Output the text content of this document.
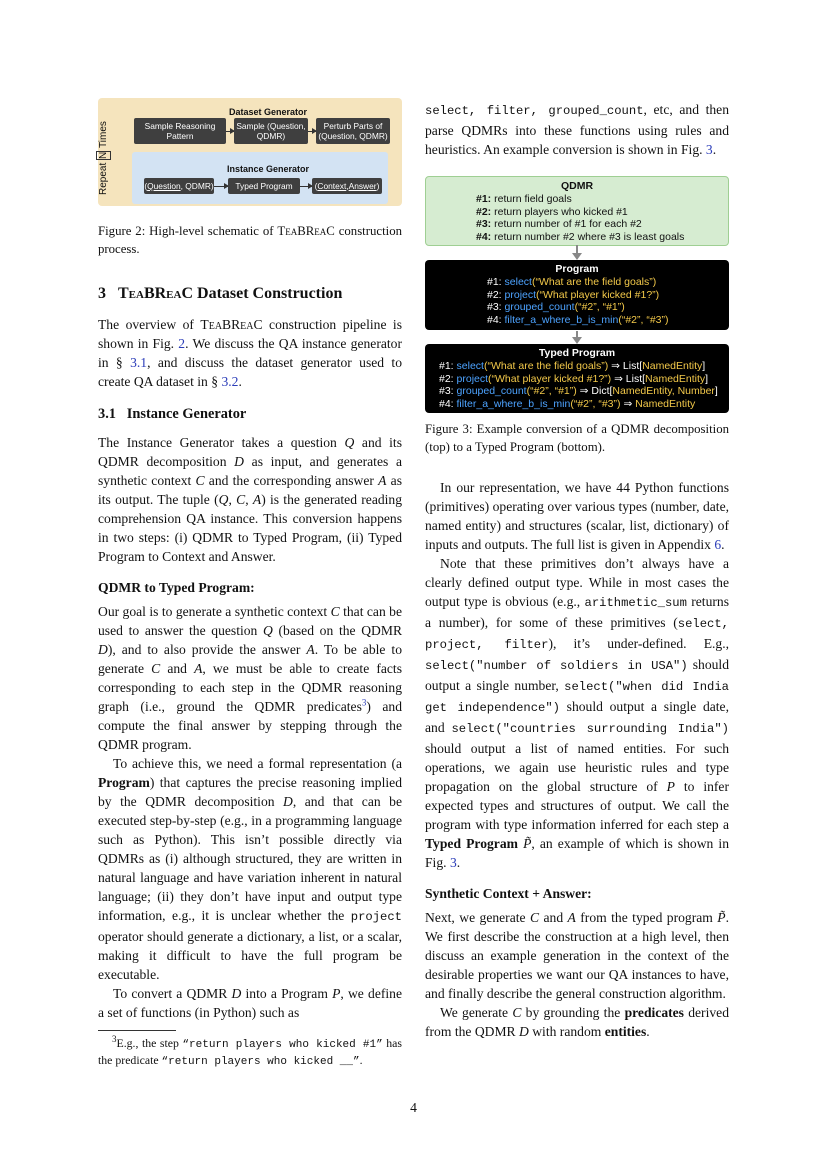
Repeat N Times
Dataset Generator
Sample Reasoning Pattern
Sample (Question, QDMR)
Perturb Parts of (Question, QDMR)
Instance Generator
( Question , QDMR)	Typed Program	( Context , Answer )

Figure 2: High-level schematic of TeaBReaC construction process.

3 TeaBReaC Dataset Construction

The overview of TeaBReaC construction pipeline is shown in Fig. 2. We discuss the QA instance generator in § 3.1, and discuss the dataset generator used to create QA dataset in § 3.2.

3.1 Instance Generator

The Instance Generator takes a question Q and its QDMR decomposition D as input, and generates a synthetic context C and the corresponding answer A as its output. The tuple (Q, C, A) is the generated reading comprehension QA instance. This conversion happens in two steps: (i) QDMR to Typed Program, (ii) Typed Program to Context and Answer.

QDMR to Typed Program:

Our goal is to generate a synthetic context C that can be used to answer the question Q (based on the QDMR D), and to also provide the answer A. To be able to generate C and A, we must be able to create facts corresponding to each step in the QDMR reasoning graph (i.e., ground the QDMR predicates$^3$) and compute the final answer by stepping through the QDMR program.

To achieve this, we need a formal representation (a Program) that captures the precise reasoning implied by the QDMR decomposition D, and that can be executed step-by-step (e.g., in a programming language such as Python). This isn’t possible directly via QDMRs as (i) although structured, they are written in natural language and have variation inherent in natural language; (ii) they don’t have input and output type information, e.g., it is unclear whether the project operator should generate a dictionary, a list, or a scalar, making it difficult to have the full program be executable.

To convert a QDMR D into a Program P, we define a set of functions (in Python) such as

$^3$E.g., the step “return players who kicked #1” has the predicate “return players who kicked __”.

select, filter, grouped_count, etc, and then parse QDMRs into these functions using rules and heuristics. An example conversion is shown in Fig. 3.

QDMR
#1: return field goals
#2: return players who kicked #1
#3: return number of #1 for each #2
#4: return number #2 where #3 is least goals
Program
#1: select(“What are the field goals”)
#2: project(“What player kicked #1?”)
#3: grouped_count(“#2”, “#1”)
#4: filter_a_where_b_is_min(“#2”, “#3”)
Typed Program
#1: select(“What are the field goals”) ⇒ List[NamedEntity]
#2: project(“What player kicked #1?”) ⇒ List[NamedEntity]
#3: grouped_count(“#2”, “#1”) ⇒ Dict[NamedEntity, Number]
#4: filter_a_where_b_is_min(“#2”, “#3”) ⇒ NamedEntity

Figure 3: Example conversion of a QDMR decomposition (top) to a Typed Program (bottom).

In our representation, we have 44 Python functions (primitives) operating over various types (number, date, named entity) and structures (scalar, list, dictionary) of inputs and outputs. The full list is given in Appendix 6.

Note that these primitives don’t always have a clearly defined output type. While in most cases the output type is obvious (e.g., arithmetic_sum returns a number), for some of these primitives (select, project, filter), it’s under-defined. E.g., select("number of soldiers in USA") should output a single number, select("when did India get independence") should output a single date, and select("countries surrounding India") should output a list of named entities. For such operations, we again use heuristic rules and type propagation on the global structure of P to infer expected types and structures of output. We call the program with type information inferred for each step a Typed Program P̃, an example of which is shown in Fig. 3.

Synthetic Context + Answer:

Next, we generate C and A from the typed program P̃. We first describe the construction at a high level, then discuss an example generation in the context of the desirable properties we want our QA instances to have, and finally describe the general construction algorithm.

We generate C by grounding the predicates derived from the QDMR D with random entities.

4
